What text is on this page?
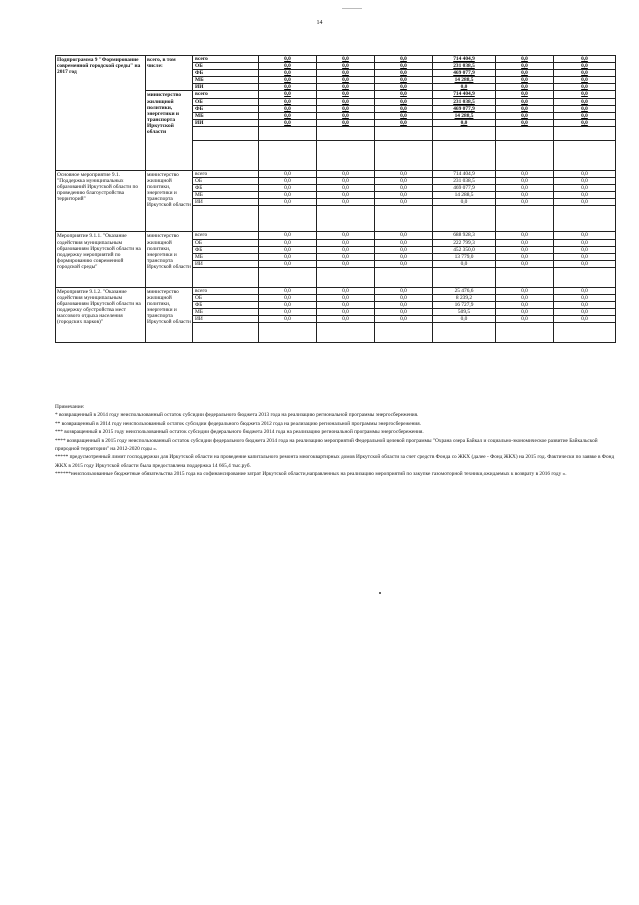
14
Подпрограмма 9 "Формирование современной городской среды" на 2017 год	всего, в том числе:	всего	0,0	0,0	0,0	714 404,9	0,0	0,0
		ОБ	0,0	0,0	0,0	231 038,5	0,0	0,0
		ФБ	0,0	0,0	0,0	469 077,9	0,0	0,0
		МБ	0,0	0,0	0,0	14 288,5	0,0	0,0
		ИИ	0,0	0,0	0,0	0,0	0,0	0,0
	министерство жилищной политики, энергетики и транспорта Иркутской области	всего	0,0	0,0	0,0	714 404,9	0,0	0,0
		ОБ	0,0	0,0	0,0	231 038,5	0,0	0,0
		ФБ	0,0	0,0	0,0	469 077,9	0,0	0,0
		МБ	0,0	0,0	0,0	14 288,5	0,0	0,0
		ИИ	0,0	0,0	0,0	0,0	0,0	0,0

Основное мероприятие 9.1. "Поддержка муниципальных образований Иркутской области по проведению благоустройства территорий"	министерство жилищной политики, энергетики и транспорта Иркутской области	всего	0,0	0,0	0,0	714 404,9	0,0	0,0
		ОБ	0,0	0,0	0,0	231 038,5	0,0	0,0
		ФБ	0,0	0,0	0,0	469 077,9	0,0	0,0
		МБ	0,0	0,0	0,0	14 288,5	0,0	0,0
		ИИ	0,0	0,0	0,0	0,0	0,0	0,0

Мероприятие 9.1.1. "Оказание содействия муниципальным образованиям Иркутской области на поддержку мероприятий по формированию современной городской среды"	министерство жилищной политики, энергетики и транспорта Иркутской области	всего	0,0	0,0	0,0	688 928,3	0,0	0,0
		ОБ	0,0	0,0	0,0	222 799,3	0,0	0,0
		ФБ	0,0	0,0	0,0	452 350,0	0,0	0,0
		МБ	0,0	0,0	0,0	13 779,0	0,0	0,0
		ИИ	0,0	0,0	0,0	0,0	0,0	0,0

Мероприятие 9.1.2. "Оказание содействия муниципальным образованиям Иркутской области на поддержку обустройства мест массового отдыха населения (городских парков)"	министерство жилищной политики, энергетики и транспорта Иркутской области	всего	0,0	0,0	0,0	25 476,6	0,0	0,0
		ОБ	0,0	0,0	0,0	8 239,2	0,0	0,0
		ФБ	0,0	0,0	0,0	16 727,9	0,0	0,0
		МБ	0,0	0,0	0,0	509,5	0,0	0,0
		ИИ	0,0	0,0	0,0	0,0	0,0	0,0

Примечание:
* возвращенный в 2014 году неиспользованный остаток субсидии федерального бюджета 2013 года на реализацию региональной программы энергосбережения.
** возвращенный в 2014 году неиспользованный остаток субсидии федерального бюджета 2012 года на реализацию региональной программы энергосбережения.
*** возвращенный в 2015 году неиспользованный остаток субсидии федерального бюджета 2014 года на реализацию региональной программы энергосбережения.
**** возвращенный в 2015 году неиспользованный остаток субсидии федерального бюджета 2014 года на реализацию мероприятий Федеральной целевой программы "Охрана озера Байкал и социально-экономическое развитие Байкальской природной территории" на 2012-2020 годы ».
***** предусмотренный лимит господдержки для Иркутской области на проведение капитального ремонта многоквартирных домов Иркутской области за счет средств Фонда со ЖКХ (далее - Фонд ЖКХ) на 2015 год. Фактически по заявке в Фонд ЖКХ в 2015 году Иркутской области была предоставлена поддержка 14 665,4 тыс.руб.
******неиспользованные бюджетные обязательства 2015 года на софинансирование затрат Иркутской области,направленных на реализацию мероприятий по закупке газомоторной техники,ожидаемых к возврату в 2016 году ».
